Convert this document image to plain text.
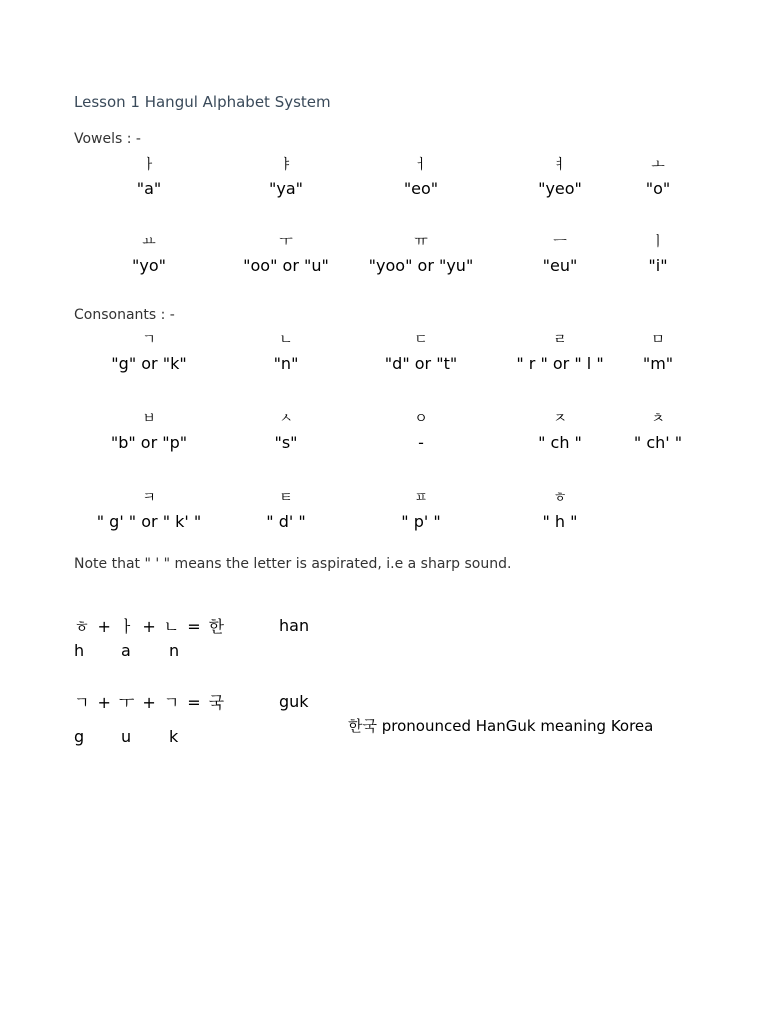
Lesson 1 Hangul Alphabet System
Vowels : -
ㅏ
"a"
ㅑ
"ya"
ㅓ
"eo"
ㅕ
"yeo"
ㅗ
"o"
ㅛ
"yo"
ㅜ
"oo" or "u"
ㅠ
"yoo" or "yu"
ㅡ
"eu"
ㅣ
"i"
Consonants : -
ㄱ
"g" or "k"
ㄴ
"n"
ㄷ
"d" or "t"
ㄹ
" r " or " l "
ㅁ
"m"
ㅂ
"b" or "p"
ㅅ
"s"
ㅇ
-
ㅈ
" ch "
ㅊ
" ch' "
ㅋ
" g' " or " k' "
ㅌ
" d' "
ㅍ
" p' "
ㅎ
" h "
Note that " ' " means the letter is aspirated, i.e a sharp sound.
ㅎ + ㅏ + ㄴ = 한	han
h a n
ㄱ + ㅜ + ㄱ = 국	guk
g u k
한국 pronounced HanGuk meaning Korea
